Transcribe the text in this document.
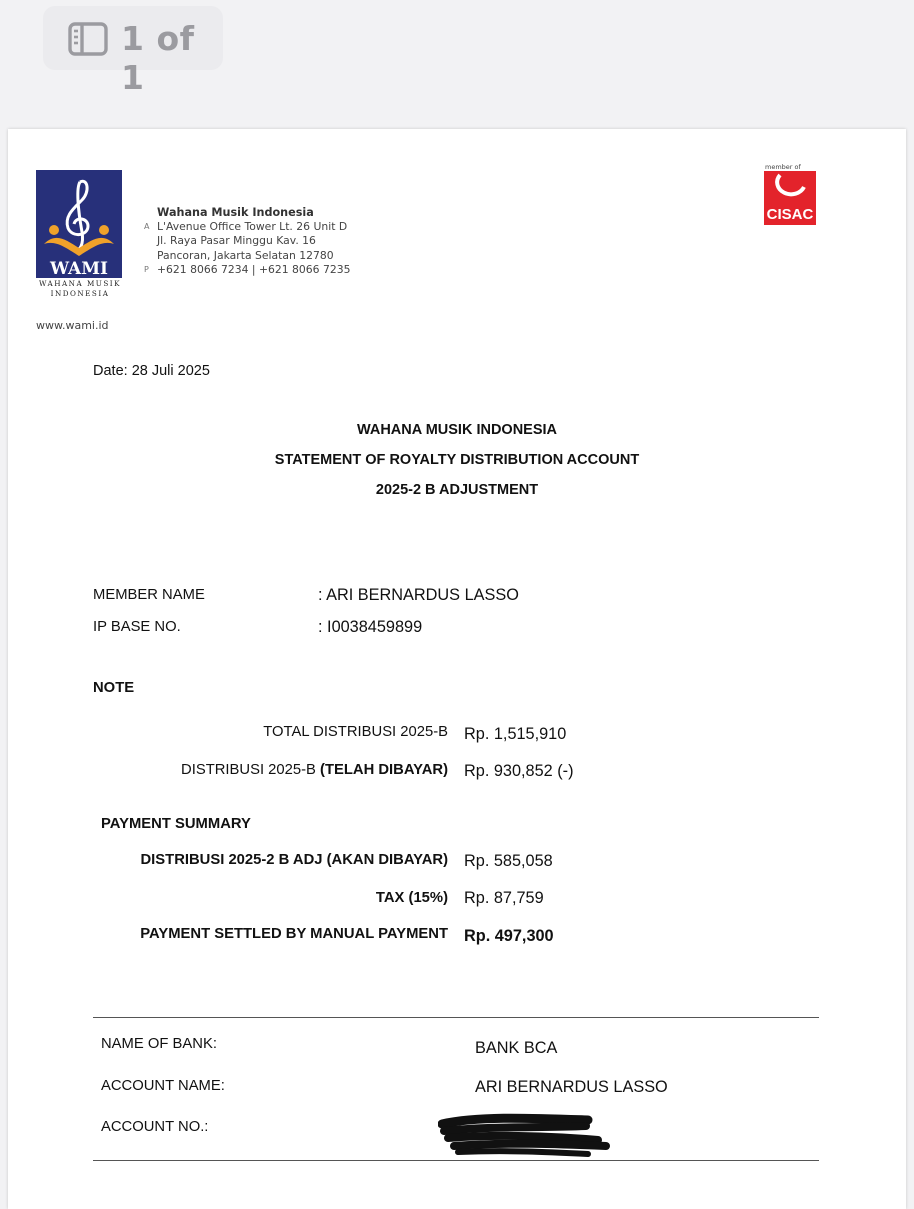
1 of 1
WAMI
WAHANA MUSIK
INDONESIA
Wahana Musik Indonesia
A L'Avenue Office Tower Lt. 26 Unit D
Jl. Raya Pasar Minggu Kav. 16
Pancoran, Jakarta Selatan 12780
P +621 8066 7234 | +621 8066 7235
www.wami.id
member of
CISAC
Date: 28 Juli 2025
WAHANA MUSIK INDONESIA
STATEMENT OF ROYALTY DISTRIBUTION ACCOUNT
2025-2 B ADJUSTMENT
MEMBER NAME	: ARI BERNARDUS LASSO
IP BASE NO.	: I0038459899
NOTE
TOTAL DISTRIBUSI 2025-B Rp. 1,515,910
DISTRIBUSI 2025-B (TELAH DIBAYAR) Rp. 930,852 (-)
PAYMENT SUMMARY
DISTRIBUSI 2025-2 B ADJ (AKAN DIBAYAR) Rp. 585,058
TAX (15%) Rp. 87,759
PAYMENT SETTLED BY MANUAL PAYMENT Rp. 497,300
NAME OF BANK:	BANK BCA
ACCOUNT NAME:	ARI BERNARDUS LASSO
ACCOUNT NO.:
